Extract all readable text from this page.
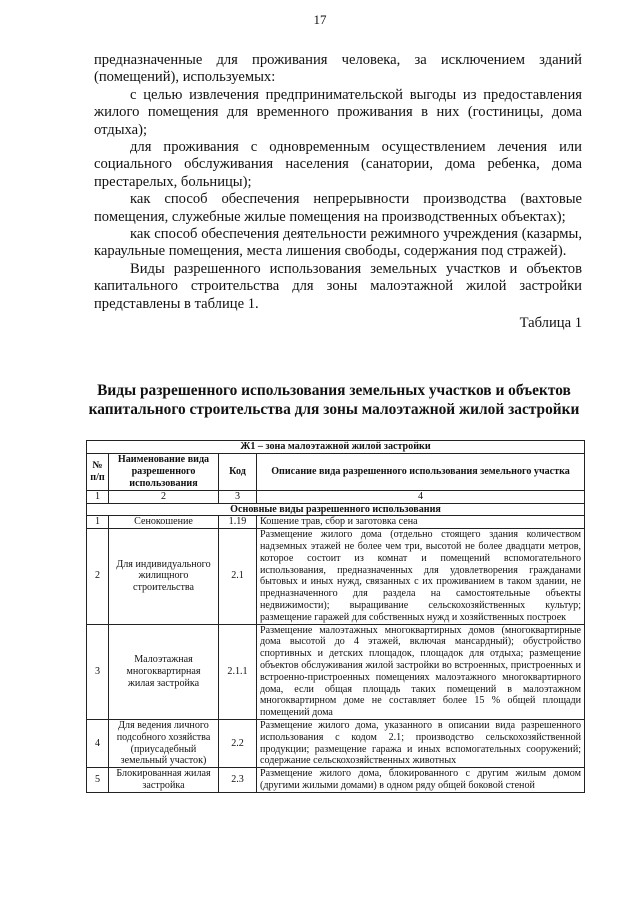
17

предназначенные для проживания человека, за исключением зданий (помещений), используемых:

с целью извлечения предпринимательской выгоды из предоставления жилого помещения для временного проживания в них (гостиницы, дома отдыха);

для проживания с одновременным осуществлением лечения или социального обслуживания населения (санатории, дома ребенка, дома престарелых, больницы);

как способ обеспечения непрерывности производства (вахтовые помещения, служебные жилые помещения на производственных объектах);

как способ обеспечения деятельности режимного учреждения (казармы, караульные помещения, места лишения свободы, содержания под стражей).

Виды разрешенного использования земельных участков и объектов капитального строительства для зоны малоэтажной жилой застройки представлены в таблице 1.

Таблица 1
Виды разрешенного использования земельных участков и объектов капитального строительства для зоны малоэтажной жилой застройки
Ж1 – зона малоэтажной жилой застройки			
№ п/п	Наименование вида разрешенного использования	Код	Описание вида разрешенного использования земельного участка
1	2	3	4
Основные виды разрешенного использования			
1	Сенокошение	1.19	Кошение трав, сбор и заготовка сена
2	Для индивидуального жилищного строительства	2.1	Размещение жилого дома (отдельно стоящего здания количеством надземных этажей не более чем три, высотой не более двадцати метров, которое состоит из комнат и помещений вспомогательного использования, предназначенных для удовлетворения гражданами бытовых и иных нужд, связанных с их проживанием в таком здании, не предназначенного для раздела на самостоятельные объекты недвижимости); выращивание сельскохозяйственных культур; размещение гаражей для собственных нужд и хозяйственных построек
3	Малоэтажная многоквартирная жилая застройка	2.1.1	Размещение малоэтажных многоквартирных домов (многоквартирные дома высотой до 4 этажей, включая мансардный); обустройство спортивных и детских площадок, площадок для отдыха; размещение объектов обслуживания жилой застройки во встроенных, пристроенных и встроенно-пристроенных помещениях малоэтажного многоквартирного дома, если общая площадь таких помещений в малоэтажном многоквартирном доме не составляет более 15 % общей площади помещений дома
4	Для ведения личного подсобного хозяйства (приусадебный земельный участок)	2.2	Размещение жилого дома, указанного в описании вида разрешенного использования с кодом 2.1; производство сельскохозяйственной продукции; размещение гаража и иных вспомогательных сооружений; содержание сельскохозяйственных животных
5	Блокированная жилая застройка	2.3	Размещение жилого дома, блокированного с другим жилым домом (другими жилыми домами) в одном ряду общей боковой стеной
